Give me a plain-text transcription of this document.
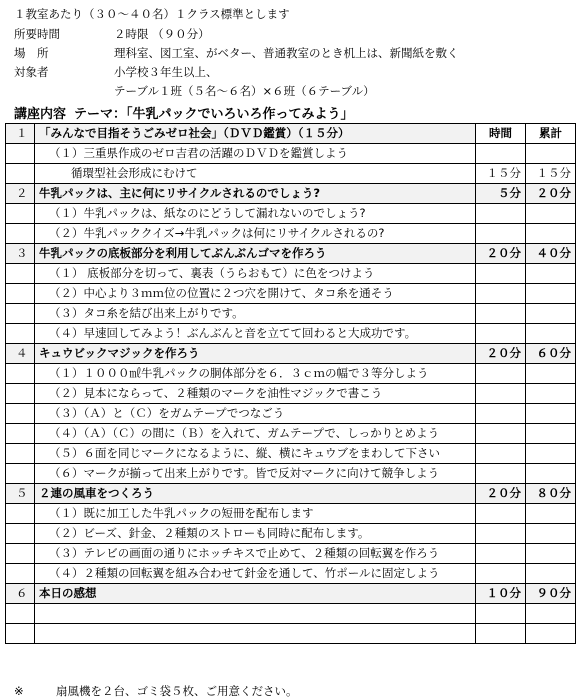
１教室あたり（３０～４０名）１クラス標準とします
所要時間	２時限 （９０分）
場　所	理科室、図工室、がベター、普通教室のとき机上は、新聞紙を敷く
対象者	小学校３年生以上、
テーブル１班（５名～６名）×６班（６テーブル）
講座内容 テーマ：「牛乳パックでいろいろ作ってみよう」
１	「みんなで目指そうごみゼロ社会」（ＤＶＤ鑑賞）（１５分）	時間	累計
	（１）三重県作成のゼロ吉君の活躍のＤＶＤを鑑賞しよう		
	循環型社会形成にむけて	１５分	１５分
２	牛乳パックは、主に何にリサイクルされるのでしょう?	５分	２０分
	（１）牛乳パックは、紙なのにどうして漏れないのでしょう?		
	（２）牛乳パッククイズ→牛乳パックは何にリサイクルされるの?		
３	牛乳パックの底板部分を利用してぶんぶんゴマを作ろう	２０分	４０分
	（１） 底板部分を切って、裏表（うらおもて）に色をつけよう		
	（２）中心より３ｍｍ位の位置に２つ穴を開けて、タコ糸を通そう		
	（３）タコ糸を結び出来上がりです。		
	（４）早速回してみよう！ぶんぶんと音を立てて回わると大成功です。		
４	キュウビックマジックを作ろう	２０分	６０分
	（１）１０００㎖牛乳パックの胴体部分を６．３ｃｍの幅で３等分しよう		
	（２）見本にならって、２種類のマークを油性マジックで書こう		
	（３）（Ａ）と（Ｃ）をガムテープでつなごう		
	（４）（Ａ）（Ｃ）の間に（Ｂ）を入れて、ガムテープで、しっかりとめよう		
	（５）６面を同じマークになるように、縦、横にキュウブをまわして下さい		
	（６）マークが揃って出来上がりです。皆で反対マークに向けて競争しよう		
５	２連の風車をつくろう	２０分	８０分
	（１）既に加工した牛乳パックの短冊を配布します		
	（２）ビーズ、針金、２種類のストローも同時に配布します。		
	（３）テレビの画面の通りにホッチキスで止めて、２種類の回転翼を作ろう		
	（４）２種類の回転翼を組み合わせて針金を通して、竹ポールに固定しよう		
６	本日の感想	１０分	９０分

※	扇風機を２台、ゴミ袋５枚、ご用意ください。
